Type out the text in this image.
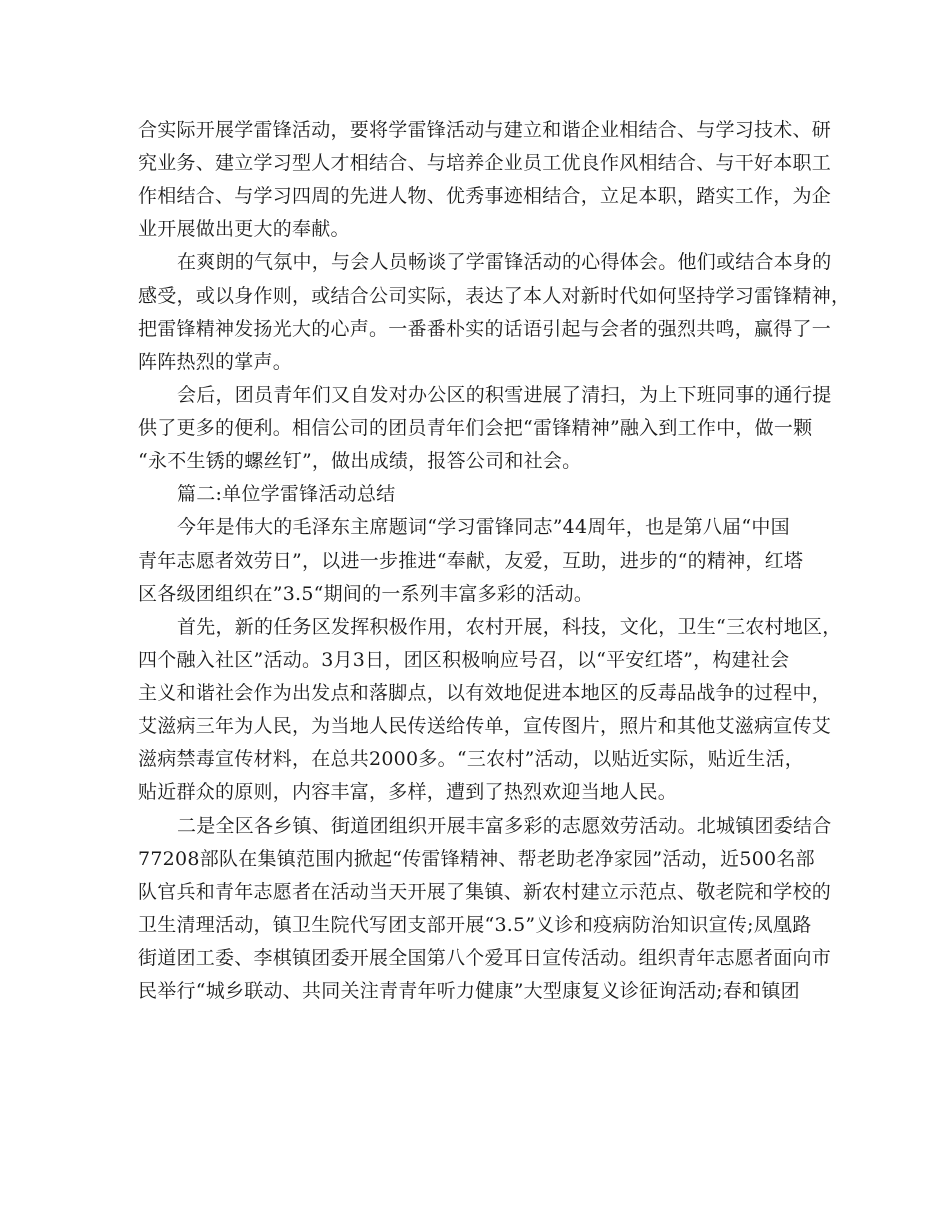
合实际开展学雷锋活动，要将学雷锋活动与建立和谐企业相结合、与学习技术、研
究业务、建立学习型人才相结合、与培养企业员工优良作风相结合、与干好本职工
作相结合、与学习四周的先进人物、优秀事迹相结合，立足本职，踏实工作，为企
业开展做出更大的奉献。
在爽朗的气氛中，与会人员畅谈了学雷锋活动的心得体会。他们或结合本身的
感受，或以身作则，或结合公司实际，表达了本人对新时代如何坚持学习雷锋精神，
把雷锋精神发扬光大的心声。一番番朴实的话语引起与会者的强烈共鸣，赢得了一
阵阵热烈的掌声。
会后，团员青年们又自发对办公区的积雪进展了清扫，为上下班同事的通行提
供了更多的便利。相信公司的团员青年们会把“雷锋精神”融入到工作中，做一颗
“永不生锈的螺丝钉”，做出成绩，报答公司和社会。
篇二:单位学雷锋活动总结
今年是伟大的毛泽东主席题词“学习雷锋同志”44周年，也是第八届“中国
青年志愿者效劳日”，以进一步推进“奉献，友爱，互助，进步的“的精神，红塔
区各级团组织在”3.5“期间的一系列丰富多彩的活动。
首先，新的任务区发挥积极作用，农村开展，科技，文化，卫生“三农村地区，
四个融入社区”活动。3月3日，团区积极响应号召，以“平安红塔”，构建社会
主义和谐社会作为出发点和落脚点，以有效地促进本地区的反毒品战争的过程中，
艾滋病三年为人民，为当地人民传送给传单，宣传图片，照片和其他艾滋病宣传艾
滋病禁毒宣传材料，在总共2000多。“三农村”活动，以贴近实际，贴近生活，
贴近群众的原则，内容丰富，多样，遭到了热烈欢迎当地人民。
二是全区各乡镇、街道团组织开展丰富多彩的志愿效劳活动。北城镇团委结合
77208部队在集镇范围内掀起“传雷锋精神、帮老助老净家园”活动，近500名部
队官兵和青年志愿者在活动当天开展了集镇、新农村建立示范点、敬老院和学校的
卫生清理活动，镇卫生院代写团支部开展“3.5”义诊和疫病防治知识宣传;凤凰路
街道团工委、李棋镇团委开展全国第八个爱耳日宣传活动。组织青年志愿者面向市
民举行“城乡联动、共同关注青青年听力健康”大型康复义诊征询活动;春和镇团
